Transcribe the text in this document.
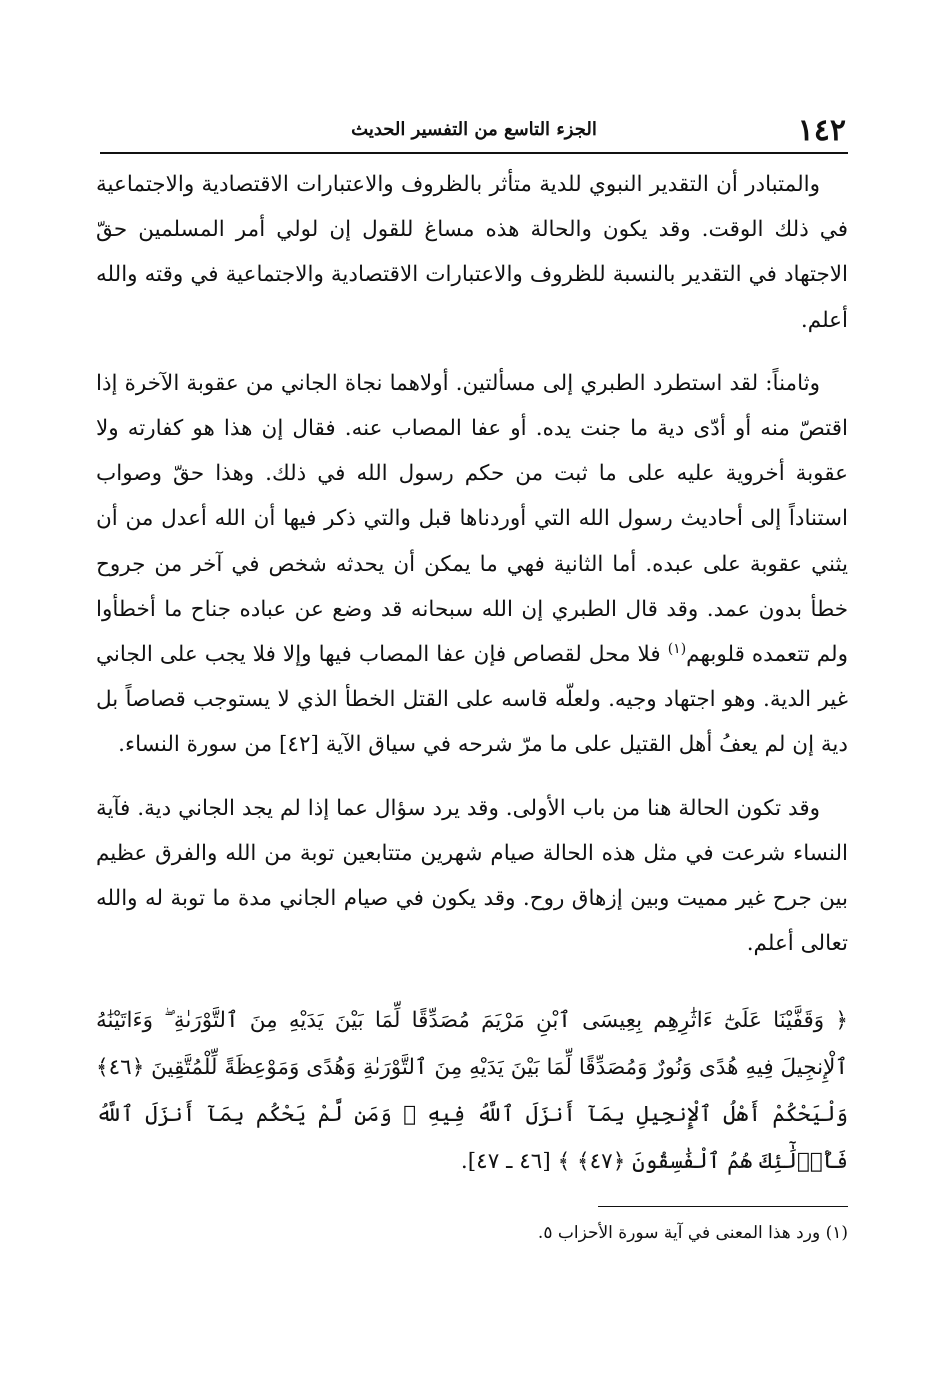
١٤٢
الجزء التاسع من التفسير الحديث

والمتبادر أن التقدير النبوي للدية متأثر بالظروف والاعتبارات الاقتصادية والاجتماعية في ذلك الوقت. وقد يكون والحالة هذه مساغ للقول إن لولي أمر المسلمين حقّ الاجتهاد في التقدير بالنسبة للظروف والاعتبارات الاقتصادية والاجتماعية في وقته والله أعلم.

وثامناً: لقد استطرد الطبري إلى مسألتين. أولاهما نجاة الجاني من عقوبة الآخرة إذا اقتصّ منه أو أدّى دية ما جنت يده. أو عفا المصاب عنه. فقال إن هذا هو كفارته ولا عقوبة أخروية عليه على ما ثبت من حكم رسول الله في ذلك. وهذا حقّ وصواب استناداً إلى أحاديث رسول الله التي أوردناها قبل والتي ذكر فيها أن الله أعدل من أن يثني عقوبة على عبده. أما الثانية فهي ما يمكن أن يحدثه شخص في آخر من جروح خطأ بدون عمد. وقد قال الطبري إن الله سبحانه قد وضع عن عباده جناح ما أخطأوا ولم تتعمده قلوبهم$^{(١)}$ فلا محل لقصاص فإن عفا المصاب فيها وإلا فلا يجب على الجاني غير الدية. وهو اجتهاد وجيه. ولعلّه قاسه على القتل الخطأ الذي لا يستوجب قصاصاً بل دية إن لم يعفُ أهل القتيل على ما مرّ شرحه في سياق الآية [٤٢] من سورة النساء.

وقد تكون الحالة هنا من باب الأولى. وقد يرد سؤال عما إذا لم يجد الجاني دية. فآية النساء شرعت في مثل هذه الحالة صيام شهرين متتابعين توبة من الله والفرق عظيم بين جرح غير مميت وبين إزهاق روح. وقد يكون في صيام الجاني مدة ما توبة له والله تعالى أعلم.

﴿ وَقَفَّيْنَا عَلَىٰٓ ءَاثَٰرِهِم بِعِيسَى ٱبْنِ مَرْيَمَ مُصَدِّقًا لِّمَا بَيْنَ يَدَيْهِ مِنَ ٱلتَّوْرَىٰةِ ۖ وَءَاتَيْنَٰهُ ٱلْإِنجِيلَ فِيهِ هُدًى وَنُورٌ وَمُصَدِّقًا لِّمَا بَيْنَ يَدَيْهِ مِنَ ٱلتَّوْرَىٰةِ وَهُدًى وَمَوْعِظَةً لِّلْمُتَّقِينَ ﴿٤٦﴾ وَلْيَحْكُمْ أَهْلُ ٱلْإِنجِيلِ بِمَآ أَنزَلَ ٱللَّهُ فِيهِ ۚ وَمَن لَّمْ يَحْكُم بِمَآ أَنزَلَ ٱللَّهُ فَأُو۟لَٰٓئِكَ هُمُ ٱلْفَٰسِقُونَ ﴿٤٧﴾ ﴾ [٤٦ ـ ٤٧].

(١) ورد هذا المعنى في آية سورة الأحزاب ٥.
